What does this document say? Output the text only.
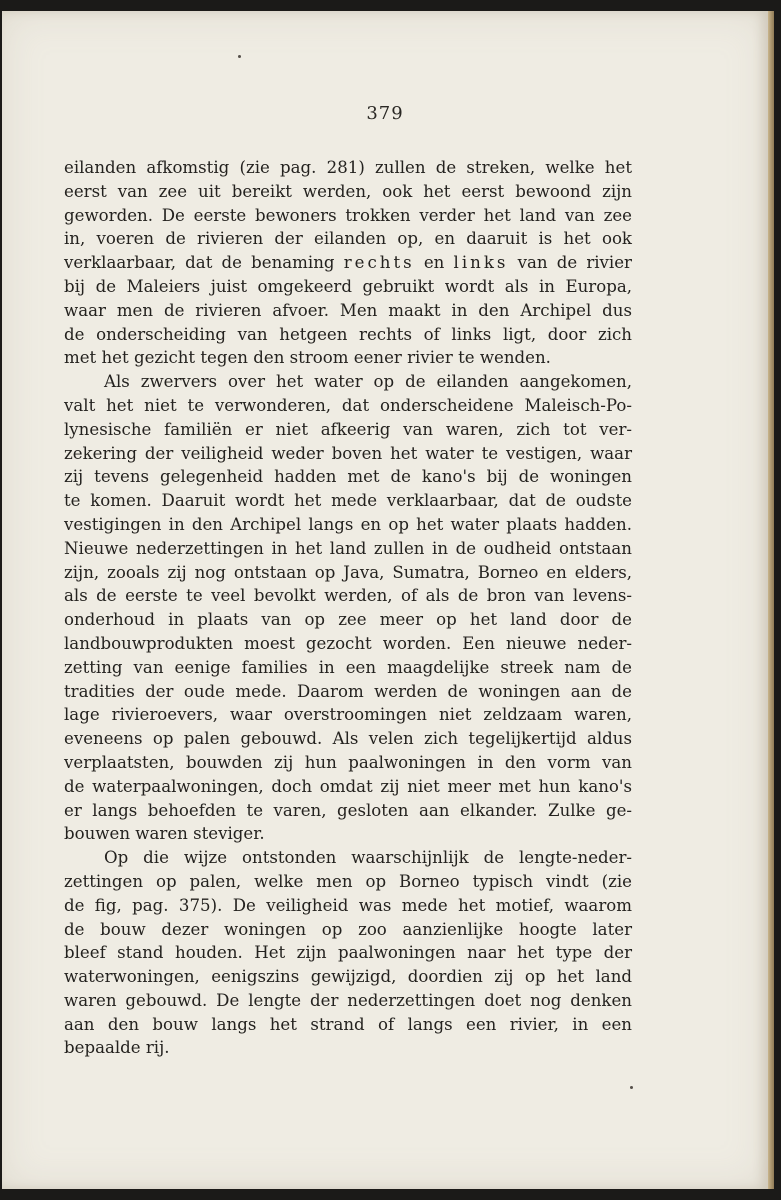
379
eilanden afkomstig (zie pag. 281) zullen de streken, welke het
eerst van zee uit bereikt werden, ook het eerst bewoond zijn
geworden. De eerste bewoners trokken verder het land van zee
in, voeren de rivieren der eilanden op, en daaruit is het ook
verklaarbaar, dat de benaming rechts en links van de rivier
bij de Maleiers juist omgekeerd gebruikt wordt als in Europa,
waar men de rivieren afvoer. Men maakt in den Archipel dus
de onderscheiding van hetgeen rechts of links ligt, door zich
met het gezicht tegen den stroom eener rivier te wenden.
Als zwervers over het water op de eilanden aangekomen,
valt het niet te verwonderen, dat onderscheidene Maleisch-Po-
lynesische familiën er niet afkeerig van waren, zich tot ver-
zekering der veiligheid weder boven het water te vestigen, waar
zij tevens gelegenheid hadden met de kano's bij de woningen
te komen. Daaruit wordt het mede verklaarbaar, dat de oudste
vestigingen in den Archipel langs en op het water plaats hadden.
Nieuwe nederzettingen in het land zullen in de oudheid ontstaan
zijn, zooals zij nog ontstaan op Java, Sumatra, Borneo en elders,
als de eerste te veel bevolkt werden, of als de bron van levens-
onderhoud in plaats van op zee meer op het land door de
landbouwprodukten moest gezocht worden. Een nieuwe neder-
zetting van eenige families in een maagdelijke streek nam de
tradities der oude mede. Daarom werden de woningen aan de
lage rivieroevers, waar overstroomingen niet zeldzaam waren,
eveneens op palen gebouwd. Als velen zich tegelijkertijd aldus
verplaatsten, bouwden zij hun paalwoningen in den vorm van
de waterpaalwoningen, doch omdat zij niet meer met hun kano's
er langs behoefden te varen, gesloten aan elkander. Zulke ge-
bouwen waren steviger.
Op die wijze ontstonden waarschijnlijk de lengte-neder-
zettingen op palen, welke men op Borneo typisch vindt (zie
de fig, pag. 375). De veiligheid was mede het motief, waarom
de bouw dezer woningen op zoo aanzienlijke hoogte later
bleef stand houden. Het zijn paalwoningen naar het type der
waterwoningen, eenigszins gewijzigd, doordien zij op het land
waren gebouwd. De lengte der nederzettingen doet nog denken
aan den bouw langs het strand of langs een rivier, in een
bepaalde rij.
